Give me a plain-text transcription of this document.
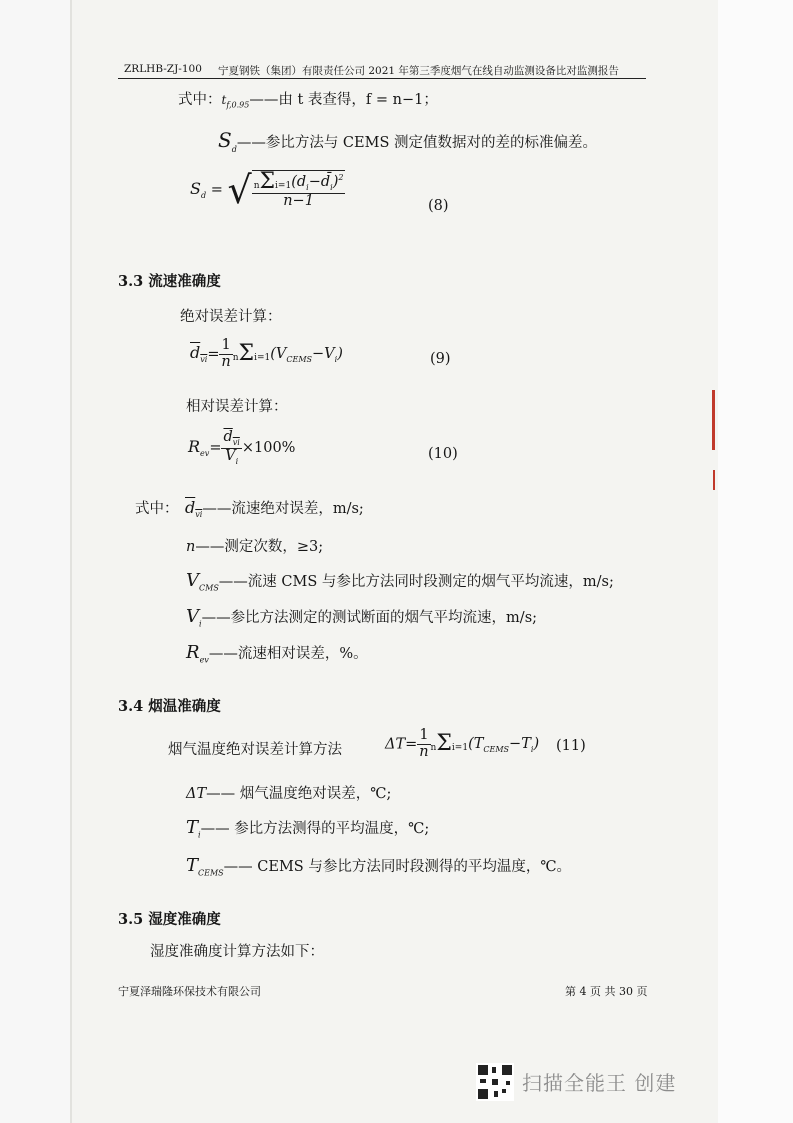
ZRLHB-ZJ-100 宁夏钢铁（集团）有限责任公司 2021 年第三季度烟气在线自动监测设备比对监测报告
式中：$t_{f,0.95}——$由 t 表查得，f = n−1；
$S_d——$参比方法与 CEMS 测定值数据对的差的标准偏差。
$S_d$ = √ $\frac{n\Sigma i=1(d_i-d̄_i)^2}{n-1}$	(8)
3.3 流速准确度
绝对误差计算：
$d_{vi}= \frac{1}{n} n\Sigma i=1(V_{CEMS}-V_i)$	(9)
相对误差计算：
$R_{ev}= \frac{d_{vi}}{V_i} \times 100\%$	(10)
式中： $d_{vi}——$流速绝对误差，m/s;
n——测定次数，≥3;
$V_{CMS}——$流速 CMS 与参比方法同时段测定的烟气平均流速，m/s;
$V_i——$参比方法测定的测试断面的烟气平均流速，m/s;
$R_{ev}——$流速相对误差，%。
3.4 烟温准确度
烟气温度绝对误差计算方法	$\Delta T= \frac{1}{n} n\Sigma i=1(T_{CEMS}-T_i)$ (11)
ΔT—— 烟气温度绝对误差，℃;
$T_i——$ 参比方法测得的平均温度，℃;
$T_{CEMS}——$ CEMS 与参比方法同时段测得的平均温度，℃。
3.5 湿度准确度
湿度准确度计算方法如下：
宁夏泽瑞隆环保技术有限公司	第 4 页 共 30 页
扫描全能王 创建
